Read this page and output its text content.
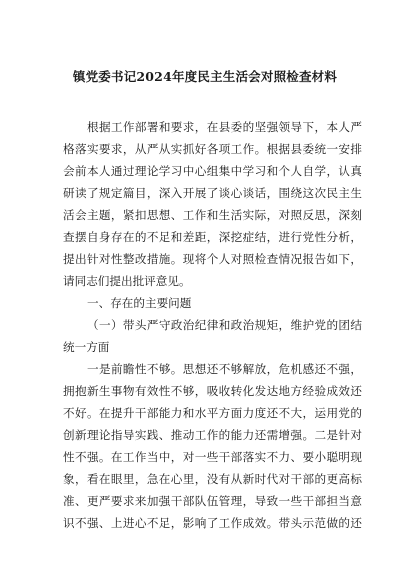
镇党委书记2024年度民主生活会对照检查材料
根据工作部署和要求，在县委的坚强领导下，本人严
格落实要求，从严从实抓好各项工作。根据县委统一安排
会前本人通过理论学习中心组集中学习和个人自学，认真
研读了规定篇目，深入开展了谈心谈话，围绕这次民主生
活会主题，紧扣思想、工作和生活实际，对照反思，深刻
查摆自身存在的不足和差距，深挖症结，进行党性分析，
提出针对性整改措施。现将个人对照检查情况报告如下，
请同志们提出批评意见。
一、存在的主要问题
（一）带头严守政治纪律和政治规矩，维护党的团结
统一方面
一是前瞻性不够。思想还不够解放，危机感还不强，
拥抱新生事物有效性不够，吸收转化发达地方经验成效还
不好。在提升干部能力和水平方面力度还不大，运用党的
创新理论指导实践、推动工作的能力还需增强。二是针对
性不强。在工作当中，对一些干部落实不力、要小聪明现
象，看在眼里，急在心里，没有从新时代对干部的更高标
准、更严要求来加强干部队伍管理，导致一些干部担当意
识不强、上进心不足，影响了工作成效。带头示范做的还
